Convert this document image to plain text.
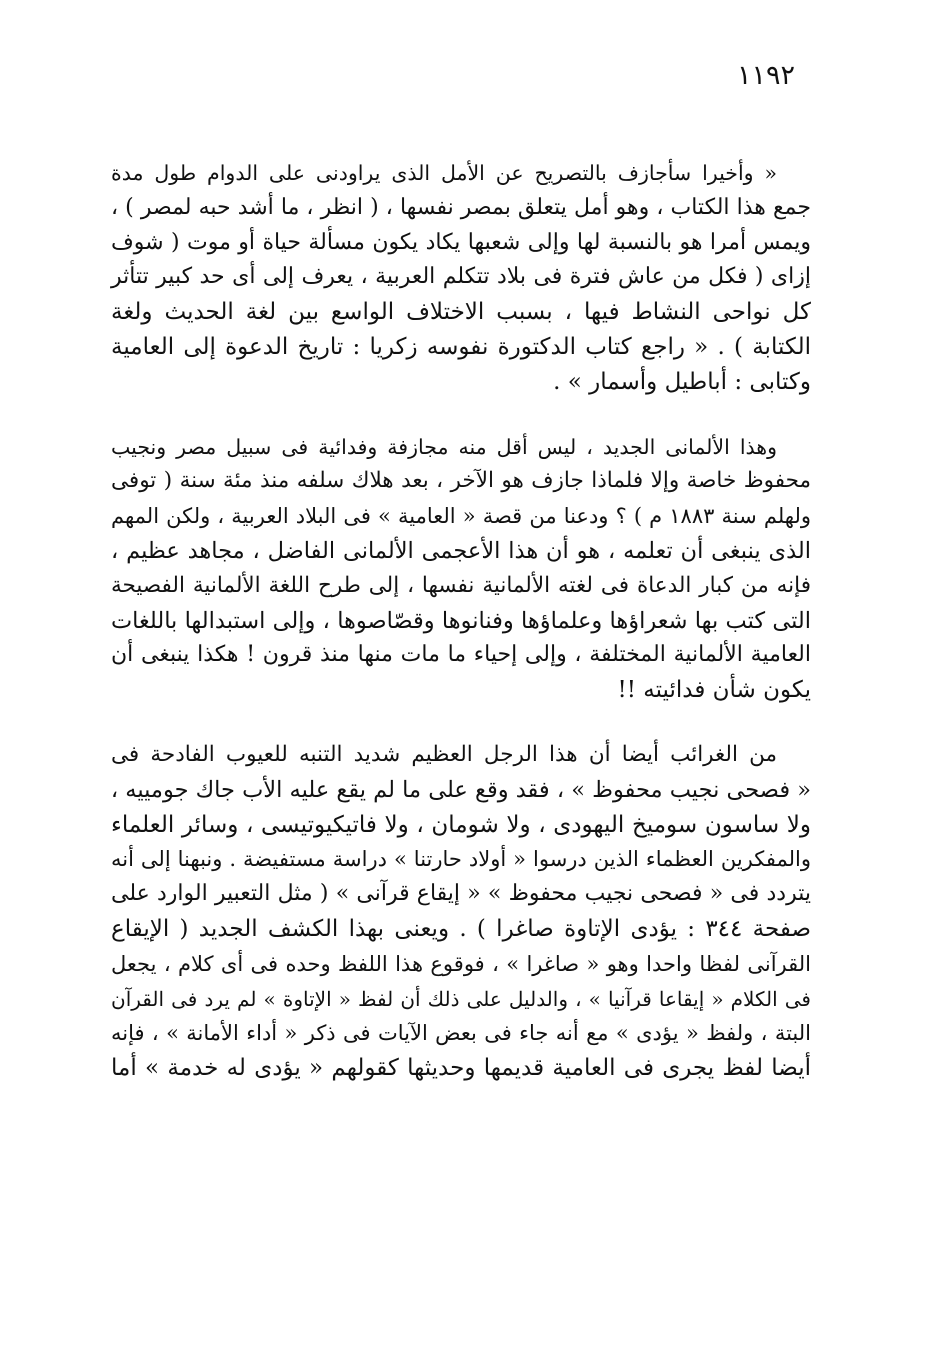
١١٩٢

« وأخيرا سأجازف بالتصريح عن الأمل الذى يراودنى على الدوام طول مدة
جمع هذا الكتاب ، وهو أمل يتعلق بمصر نفسها ، ( انظر ، ما أشد حبه لمصر ) ،
ويمس أمرا هو بالنسبة لها وإلى شعبها يكاد يكون مسألة حياة أو موت ( شوف
إزاى ( فكل من عاش فترة فى بلاد تتكلم العربية ، يعرف إلى أى حد كبير تتأثر
كل نواحى النشاط فيها ، بسبب الاختلاف الواسع بين لغة الحديث ولغة
الكتابة ) . « راجع كتاب الدكتورة نفوسه زكريا : تاريخ الدعوة إلى العامية
وكتابى : أباطيل وأسمار » .

وهذا الألمانى الجديد ، ليس أقل منه مجازفة وفدائية فى سبيل مصر ونجيب
محفوظ خاصة وإلا فلماذا جازف هو الآخر ، بعد هلاك سلفه منذ مئة سنة ( توفى
ولهلم سنة ١٨٨٣ م ) ؟ ودعنا من قصة « العامية » فى البلاد العربية ، ولكن المهم
الذى ينبغى أن تعلمه ، هو أن هذا الأعجمى الألمانى الفاضل ، مجاهد عظيم ،
فإنه من كبار الدعاة فى لغته الألمانية نفسها ، إلى طرح اللغة الألمانية الفصيحة
التى كتب بها شعراؤها وعلماؤها وفنانوها وقصّاصوها ، وإلى استبدالها باللغات
العامية الألمانية المختلفة ، وإلى إحياء ما مات منها منذ قرون ! هكذا ينبغى أن
يكون شأن فدائيته !!

من الغرائب أيضا أن هذا الرجل العظيم شديد التنبه للعيوب الفادحة فى
« فصحى نجيب محفوظ » ، فقد وقع على ما لم يقع عليه الأب جاك جومييه ،
ولا ساسون سوميخ اليهودى ، ولا شومان ، ولا فاتيكيوتيسى ، وسائر العلماء
والمفكرين العظماء الذين درسوا « أولاد حارتنا » دراسة مستفيضة . ونبهنا إلى أنه
يتردد فى « فصحى نجيب محفوظ » « إيقاع قرآنى » ( مثل التعبير الوارد على
صفحة ٣٤٤ : يؤدى الإتاوة صاغرا ) . ويعنى بهذا الكشف الجديد ( الإيقاع
القرآنى لفظا واحدا وهو « صاغرا » ، فوقوع هذا اللفظ وحده فى أى كلام ، يجعل
فى الكلام « إيقاعا قرآنيا » ، والدليل على ذلك أن لفظ « الإتاوة » لم يرد فى القرآن
البتة ، ولفظ « يؤدى » مع أنه جاء فى بعض الآيات فى ذكر « أداء الأمانة » ، فإنه
أيضا لفظ يجرى فى العامية قديمها وحديثها كقولهم « يؤدى له خدمة » أما
